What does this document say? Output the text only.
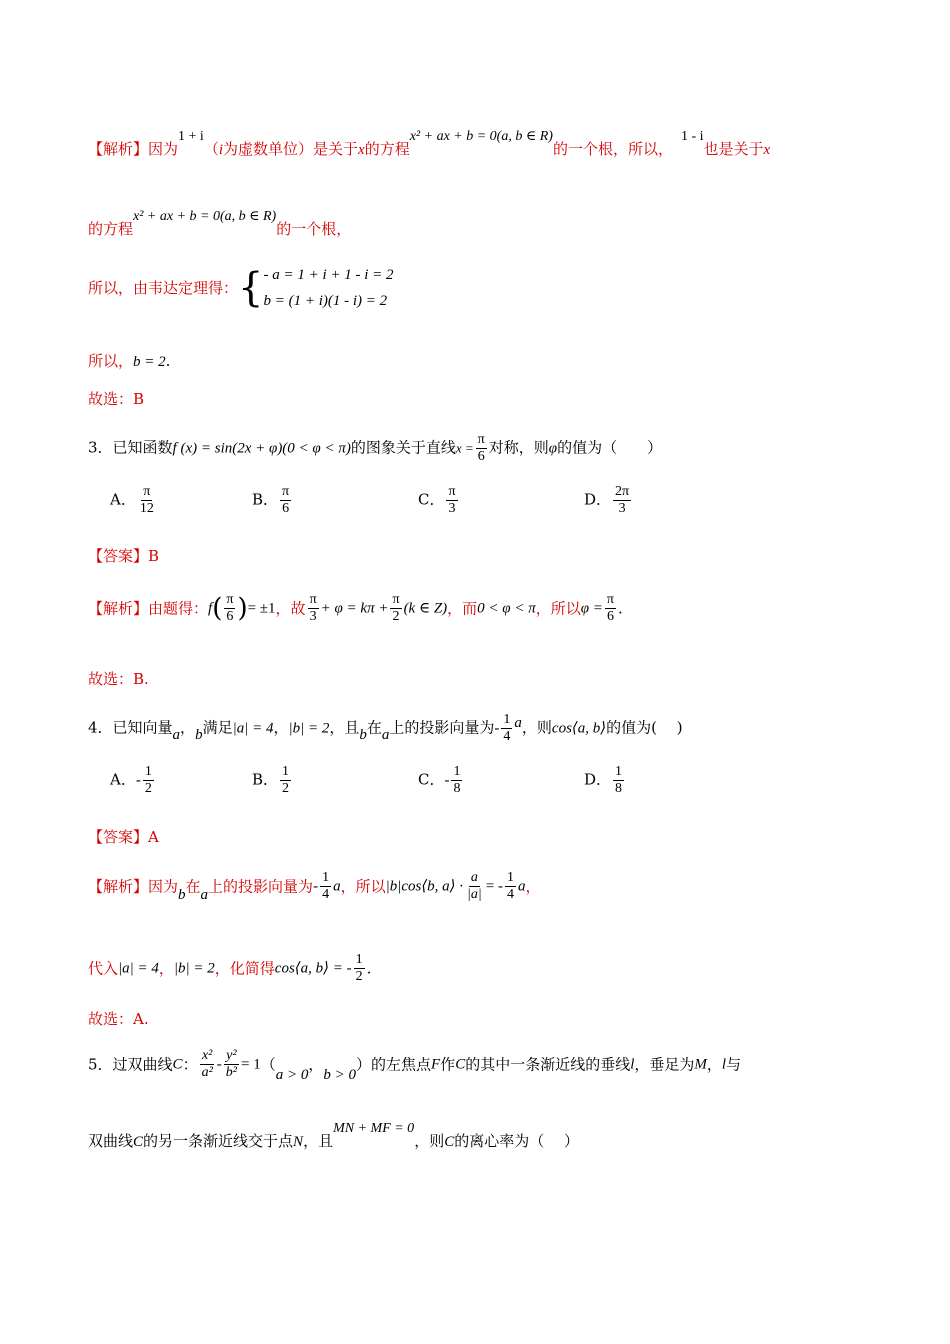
【解析】因为1 + i（i为虚数单位）是关于x的方程x² + ax + b = 0(a, b ∈ R)的一个根，所以，1 - i也是关于x
的方程x² + ax + b = 0(a, b ∈ R)的一个根，
所以，由韦达定理得：{- a = 1 + i + 1 - i = 2
b = (1 + i)(1 - i) = 2
所以，b = 2.
故选：B
3．已知函数f (x) = sin(2x + φ)(0 < φ < π)的图象关于直线$x = \frac{\pi}{6}$ 对称，则φ的值为（　　）
A． $\frac{\pi}{12}$	B． $\frac{\pi}{6}$	C． $\frac{\pi}{3}$	D． $\frac{2\pi}{3}$
【答案】B
【解析】由题得：$f( \frac{\pi}{6}$ )= ±1，故 $\frac{\pi}{3} + \varphi = k\pi + \frac{\pi}{2} (k$ ∈ Z)，而0 < φ < π，所以$\varphi = \frac{\pi}{6}$ .
故选：B.
4．已知向量a，b满足|a| = 4，|b| = 2，且b在a上的投影向量为- $\frac{1}{4}$ a，则cos⟨a, b⟩的值为(　 )
A．- $\frac{1}{2}$	B． $\frac{1}{2}$	C．- $\frac{1}{8}$	D． $\frac{1}{8}$
【答案】A
【解析】因为b在a上的投影向量为- $\frac{1}{4}$ a，所以|b|cos⟨b, a⟩ · $\frac{a}{|a|}$ = - $\frac{1}{4}$ a，
代入|a| = 4，|b| = 2，化简得cos⟨a, b⟩ = - $\frac{1}{2}$ .
故选：A.
5．过双曲线C： $\frac{\text{x²}}{\text{a²}} - \frac{\text{y²}}{\text{b²}} = 1(a > 0$，b > 0）的左焦点F作C的其中一条渐近线的垂线l，垂足为M，l与
双曲线C的另一条渐近线交于点N，且MN + MF = 0，则C的离心率为（　 ）
